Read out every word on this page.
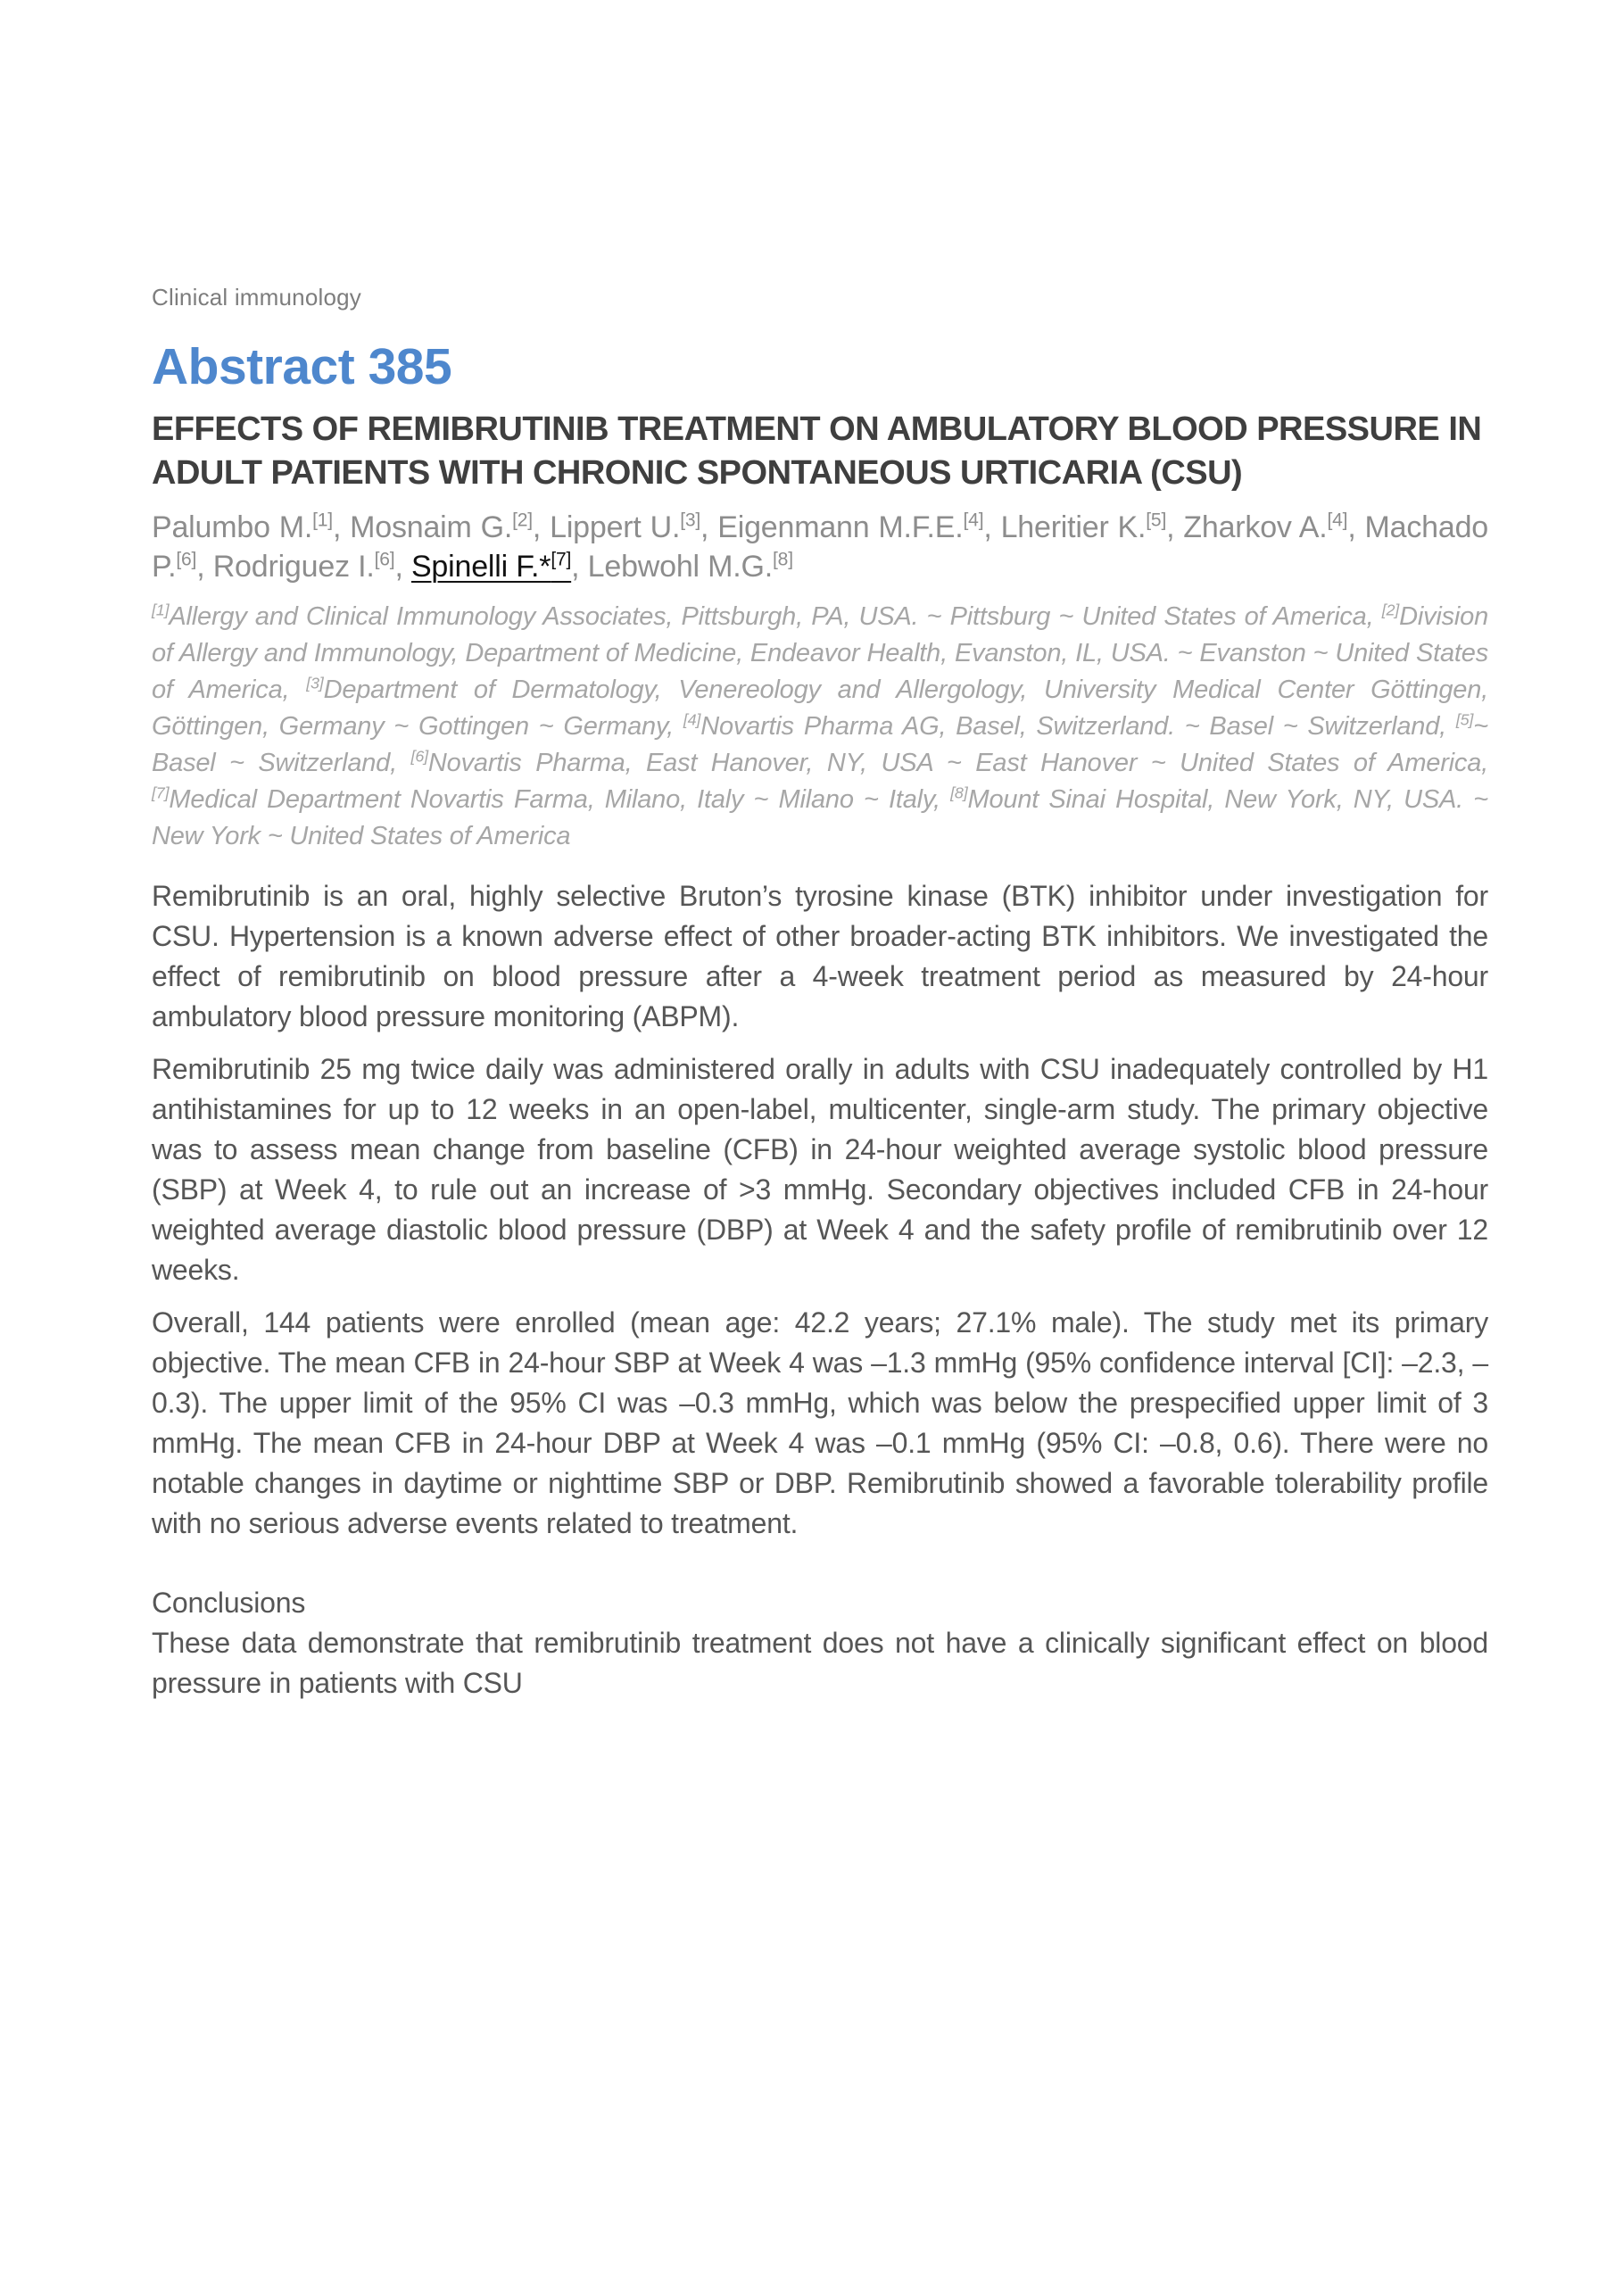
Clinical immunology
Abstract 385
EFFECTS OF REMIBRUTINIB TREATMENT ON AMBULATORY BLOOD PRESSURE IN ADULT PATIENTS WITH CHRONIC SPONTANEOUS URTICARIA (CSU)
Palumbo M.[1], Mosnaim G.[2], Lippert U.[3], Eigenmann M.F.E.[4], Lheritier K.[5], Zharkov A.[4], Machado P.[6], Rodriguez I.[6], Spinelli F.*[7], Lebwohl M.G.[8]
[1]Allergy and Clinical Immunology Associates, Pittsburgh, PA, USA. ~ Pittsburg ~ United States of America, [2]Division of Allergy and Immunology, Department of Medicine, Endeavor Health, Evanston, IL, USA. ~ Evanston ~ United States of America, [3]Department of Dermatology, Venereology and Allergology, University Medical Center Göttingen, Göttingen, Germany ~ Gottingen ~ Germany, [4]Novartis Pharma AG, Basel, Switzerland. ~ Basel ~ Switzerland, [5]~ Basel ~ Switzerland, [6]Novartis Pharma, East Hanover, NY, USA ~ East Hanover ~ United States of America, [7]Medical Department Novartis Farma, Milano, Italy ~ Milano ~ Italy, [8]Mount Sinai Hospital, New York, NY, USA. ~ New York ~ United States of America

Remibrutinib is an oral, highly selective Bruton’s tyrosine kinase (BTK) inhibitor under investigation for CSU. Hypertension is a known adverse effect of other broader-acting BTK inhibitors. We investigated the effect of remibrutinib on blood pressure after a 4-week treatment period as measured by 24-hour ambulatory blood pressure monitoring (ABPM).

Remibrutinib 25 mg twice daily was administered orally in adults with CSU inadequately controlled by H1 antihistamines for up to 12 weeks in an open-label, multicenter, single-arm study. The primary objective was to assess mean change from baseline (CFB) in 24-hour weighted average systolic blood pressure (SBP) at Week 4, to rule out an increase of >3 mmHg. Secondary objectives included CFB in 24-hour weighted average diastolic blood pressure (DBP) at Week 4 and the safety profile of remibrutinib over 12 weeks.

Overall, 144 patients were enrolled (mean age: 42.2 years; 27.1% male). The study met its primary objective. The mean CFB in 24-hour SBP at Week 4 was –1.3 mmHg (95% confidence interval [CI]: –2.3, –0.3). The upper limit of the 95% CI was –0.3 mmHg, which was below the prespecified upper limit of 3 mmHg. The mean CFB in 24-hour DBP at Week 4 was –0.1 mmHg (95% CI: –0.8, 0.6). There were no notable changes in daytime or nighttime SBP or DBP. Remibrutinib showed a favorable tolerability profile with no serious adverse events related to treatment.

Conclusions

These data demonstrate that remibrutinib treatment does not have a clinically significant effect on blood pressure in patients with CSU
